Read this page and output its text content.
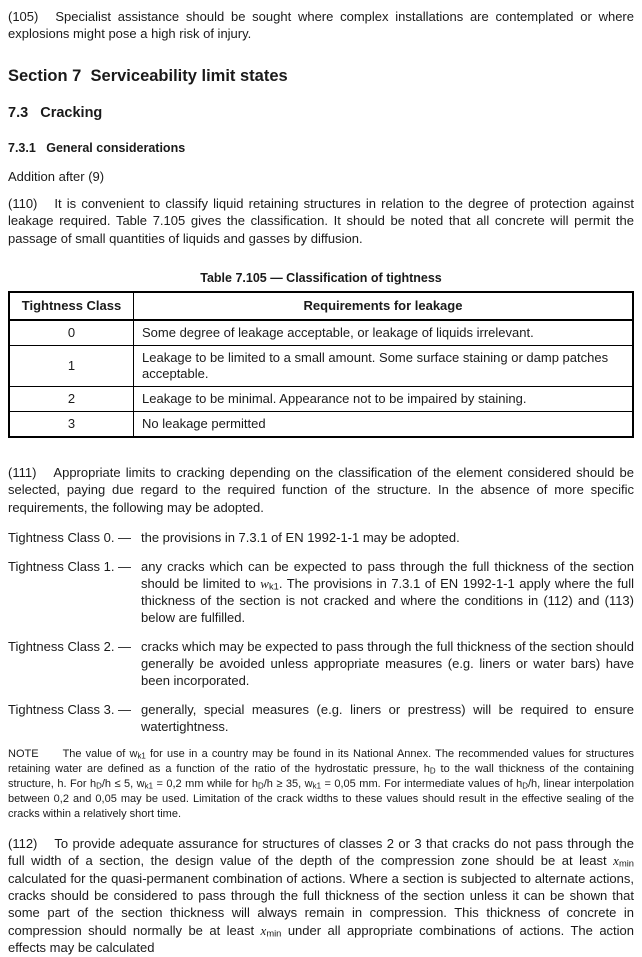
(105) Specialist assistance should be sought where complex installations are contemplated or where explosions might pose a high risk of injury.

Section 7  Serviceability limit states
7.3   Cracking
7.3.1   General considerations

Addition after (9)

(110) It is convenient to classify liquid retaining structures in relation to the degree of protection against leakage required. Table 7.105 gives the classification. It should be noted that all concrete will permit the passage of small quantities of liquids and gasses by diffusion.

Table 7.105 — Classification of tightness

Tightness Class	Requirements for leakage
0	Some degree of leakage acceptable, or leakage of liquids irrelevant.
1	Leakage to be limited to a small amount. Some surface staining or damp patches acceptable.
2	Leakage to be minimal. Appearance not to be impaired by staining.
3	No leakage permitted

(111) Appropriate limits to cracking depending on the classification of the element considered should be selected, paying due regard to the required function of the structure. In the absence of more specific requirements, the following may be adopted.

Tightness Class 0. — the provisions in 7.3.1 of EN 1992-1-1 may be adopted.
Tightness Class 1. — any cracks which can be expected to pass through the full thickness of the section should be limited to $w_{k1}$. The provisions in 7.3.1 of EN 1992-1-1 apply where the full thickness of the section is not cracked and where the conditions in (112) and (113) below are fulfilled.
Tightness Class 2. — cracks which may be expected to pass through the full thickness of the section should generally be avoided unless appropriate measures (e.g. liners or water bars) have been incorporated.
Tightness Class 3. — generally, special measures (e.g. liners or prestress) will be required to ensure watertightness.

NOTE The value of $w_{k1}$ for use in a country may be found in its National Annex. The recommended values for structures retaining water are defined as a function of the ratio of the hydrostatic pressure, $h_D$ to the wall thickness of the containing structure, h. For $h_D/h \le 5$, $w_{k1} = 0,2$ mm while for $h_D/h \ge 35$, $w_{k1} = 0,05$ mm. For intermediate values of $h_D/h$, linear interpolation between 0,2 and 0,05 may be used. Limitation of the crack widths to these values should result in the effective sealing of the cracks within a relatively short time.

(112) To provide adequate assurance for structures of classes 2 or 3 that cracks do not pass through the full width of a section, the design value of the depth of the compression zone should be at least $x_{min}$ calculated for the quasi-permanent combination of actions. Where a section is subjected to alternate actions, cracks should be considered to pass through the full thickness of the section unless it can be shown that some part of the section thickness will always remain in compression. This thickness of concrete in compression should normally be at least $x_{min}$ under all appropriate combinations of actions. The action effects may be calculated
